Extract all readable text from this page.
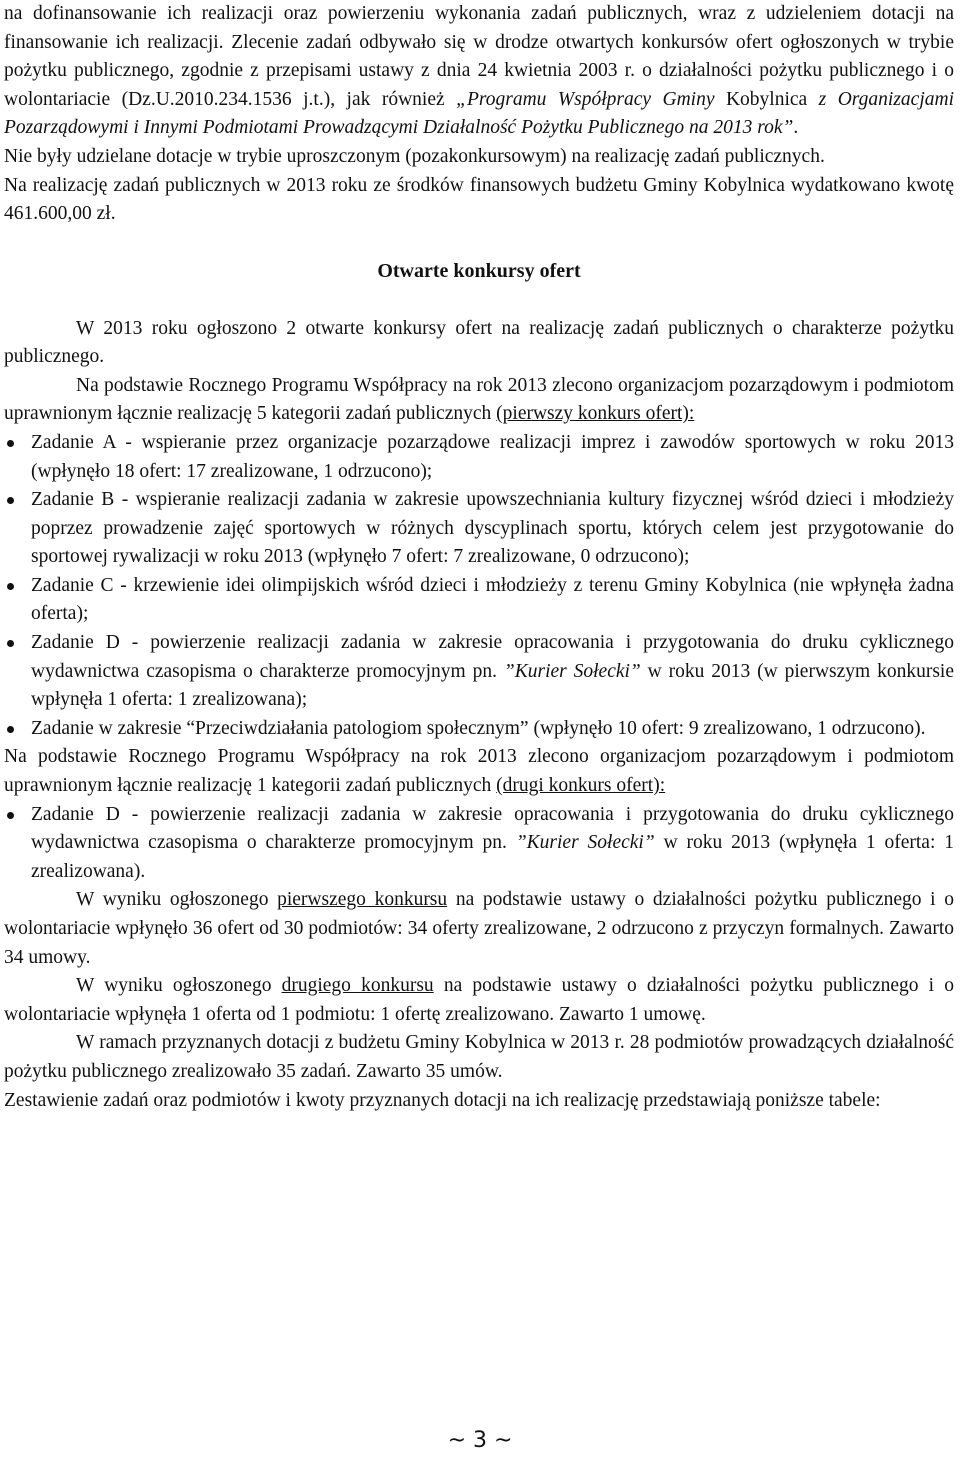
na dofinansowanie ich realizacji oraz powierzeniu wykonania zadań publicznych, wraz z udzieleniem dotacji na finansowanie ich realizacji. Zlecenie zadań odbywało się w drodze otwartych konkursów ofert ogłoszonych w trybie pożytku publicznego, zgodnie z przepisami ustawy z dnia 24 kwietnia 2003 r. o działalności pożytku publicznego i o wolontariacie (Dz.U.2010.234.1536 j.t.), jak również „Programu Współpracy Gminy Kobylnica z Organizacjami Pozarządowymi i Innymi Podmiotami Prowadzącymi Działalność Pożytku Publicznego na 2013 rok”.

Nie były udzielane dotacje w trybie uproszczonym (pozakonkursowym) na realizację zadań publicznych.

Na realizację zadań publicznych w 2013 roku ze środków finansowych budżetu Gminy Kobylnica wydatkowano kwotę 461.600,00 zł.

Otwarte konkursy ofert

W 2013 roku ogłoszono 2 otwarte konkursy ofert na realizację zadań publicznych o charakterze pożytku publicznego.

Na podstawie Rocznego Programu Współpracy na rok 2013 zlecono organizacjom pozarządowym i podmiotom uprawnionym łącznie realizację 5 kategorii zadań publicznych (pierwszy konkurs ofert):

Zadanie A - wspieranie przez organizacje pozarządowe realizacji imprez i zawodów sportowych w roku 2013 (wpłynęło 18 ofert: 17 zrealizowane, 1 odrzucono);
Zadanie B - wspieranie realizacji zadania w zakresie upowszechniania kultury fizycznej wśród dzieci i młodzieży poprzez prowadzenie zajęć sportowych w różnych dyscyplinach sportu, których celem jest przygotowanie do sportowej rywalizacji w roku 2013 (wpłynęło 7 ofert: 7 zrealizowane, 0 odrzucono);
Zadanie C - krzewienie idei olimpijskich wśród dzieci i młodzieży z terenu Gminy Kobylnica (nie wpłynęła żadna oferta);
Zadanie D - powierzenie realizacji zadania w zakresie opracowania i przygotowania do druku cyklicznego wydawnictwa czasopisma o charakterze promocyjnym pn. ”Kurier Sołecki” w roku 2013 (w pierwszym konkursie wpłynęła 1 oferta: 1 zrealizowana);
Zadanie w zakresie “Przeciwdziałania patologiom społecznym” (wpłynęło 10 ofert: 9 zrealizowano, 1 odrzucono).

Na podstawie Rocznego Programu Współpracy na rok 2013 zlecono organizacjom pozarządowym i podmiotom uprawnionym łącznie realizację 1 kategorii zadań publicznych (drugi konkurs ofert):

Zadanie D - powierzenie realizacji zadania w zakresie opracowania i przygotowania do druku cyklicznego wydawnictwa czasopisma o charakterze promocyjnym pn. ”Kurier Sołecki” w roku 2013 (wpłynęła 1 oferta: 1 zrealizowana).

W wyniku ogłoszonego pierwszego konkursu na podstawie ustawy o działalności pożytku publicznego i o wolontariacie wpłynęło 36 ofert od 30 podmiotów: 34 oferty zrealizowane, 2 odrzucono z przyczyn formalnych. Zawarto 34 umowy.

W wyniku ogłoszonego drugiego konkursu na podstawie ustawy o działalności pożytku publicznego i o wolontariacie wpłynęła 1 oferta od 1 podmiotu: 1 ofertę zrealizowano. Zawarto 1 umowę.

W ramach przyznanych dotacji z budżetu Gminy Kobylnica w 2013 r. 28 podmiotów prowadzących działalność pożytku publicznego zrealizowało 35 zadań. Zawarto 35 umów.

Zestawienie zadań oraz podmiotów i kwoty przyznanych dotacji na ich realizację przedstawiają poniższe tabele:

~ 3 ~
